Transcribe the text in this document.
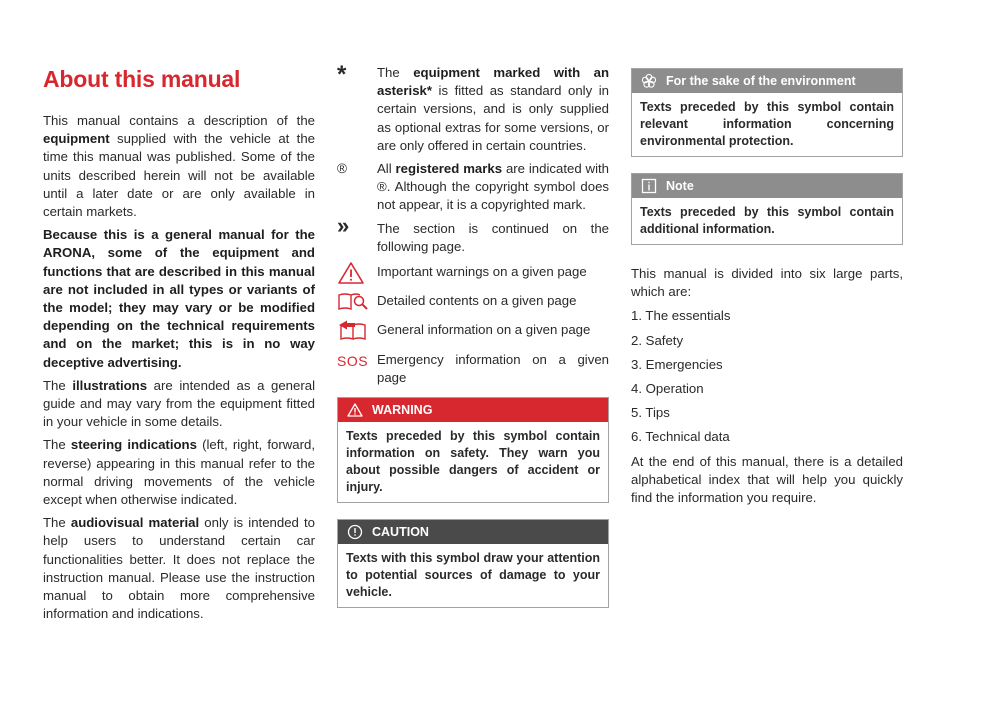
About this manual

This manual contains a description of the equipment supplied with the vehicle at the time this manual was published. Some of the units described herein will not be available until a later date or are only available in certain markets.

Because this is a general manual for the ARONA, some of the equipment and functions that are described in this manual are not included in all types or variants of the model; they may vary or be modified depending on the technical requirements and on the market; this is in no way deceptive advertising.

The illustrations are intended as a general guide and may vary from the equipment fitted in your vehicle in some details.

The steering indications (left, right, forward, reverse) appearing in this manual refer to the normal driving movements of the vehicle except when otherwise indicated.

The audiovisual material only is intended to help users to understand certain car functionalities better. It does not replace the instruction manual. Please use the instruction manual to obtain more comprehensive information and indications.

*	The equipment marked with an asterisk* is fitted as standard only in certain versions, and is only supplied as optional extras for some versions, or are only offered in certain countries.
®	All registered marks are indicated with ®. Although the copyright symbol does not appear, it is a copyrighted mark.
»	The section is continued on the following page.
Important warnings on a given page
Detailed contents on a given page
General information on a given page
SOS Emergency information on a given page
WARNING
Texts preceded by this symbol contain information on safety. They warn you about possible dangers of accident or injury.
CAUTION
Texts with this symbol draw your attention to potential sources of damage to your vehicle.
For the sake of the environment
Texts preceded by this symbol contain relevant information concerning environmental protection.
Note
Texts preceded by this symbol contain additional information.

This manual is divided into six large parts, which are:

1. The essentials
2. Safety
3. Emergencies
4. Operation
5. Tips
6. Technical data

At the end of this manual, there is a detailed alphabetical index that will help you quickly find the information you require.
